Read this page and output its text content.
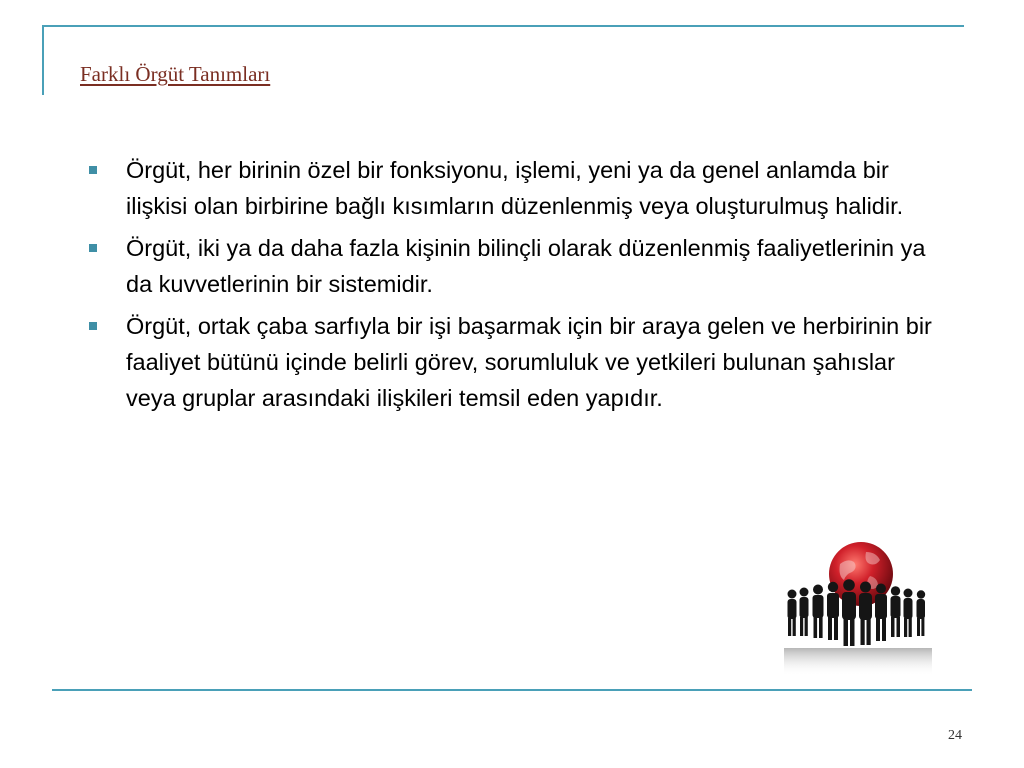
Farklı Örgüt Tanımları
Örgüt, her birinin özel bir fonksiyonu, işlemi, yeni ya da genel anlamda bir ilişkisi olan birbirine bağlı kısımların düzenlenmiş veya oluşturulmuş halidir.
Örgüt, iki ya da daha fazla kişinin bilinçli olarak düzenlenmiş faaliyetlerinin ya da kuvvetlerinin bir sistemidir.
Örgüt, ortak çaba sarfıyla bir işi başarmak için bir araya gelen ve herbirinin bir faaliyet bütünü içinde belirli görev, sorumluluk ve yetkileri bulunan şahıslar veya gruplar arasındaki ilişkileri temsil eden yapıdır.
24
